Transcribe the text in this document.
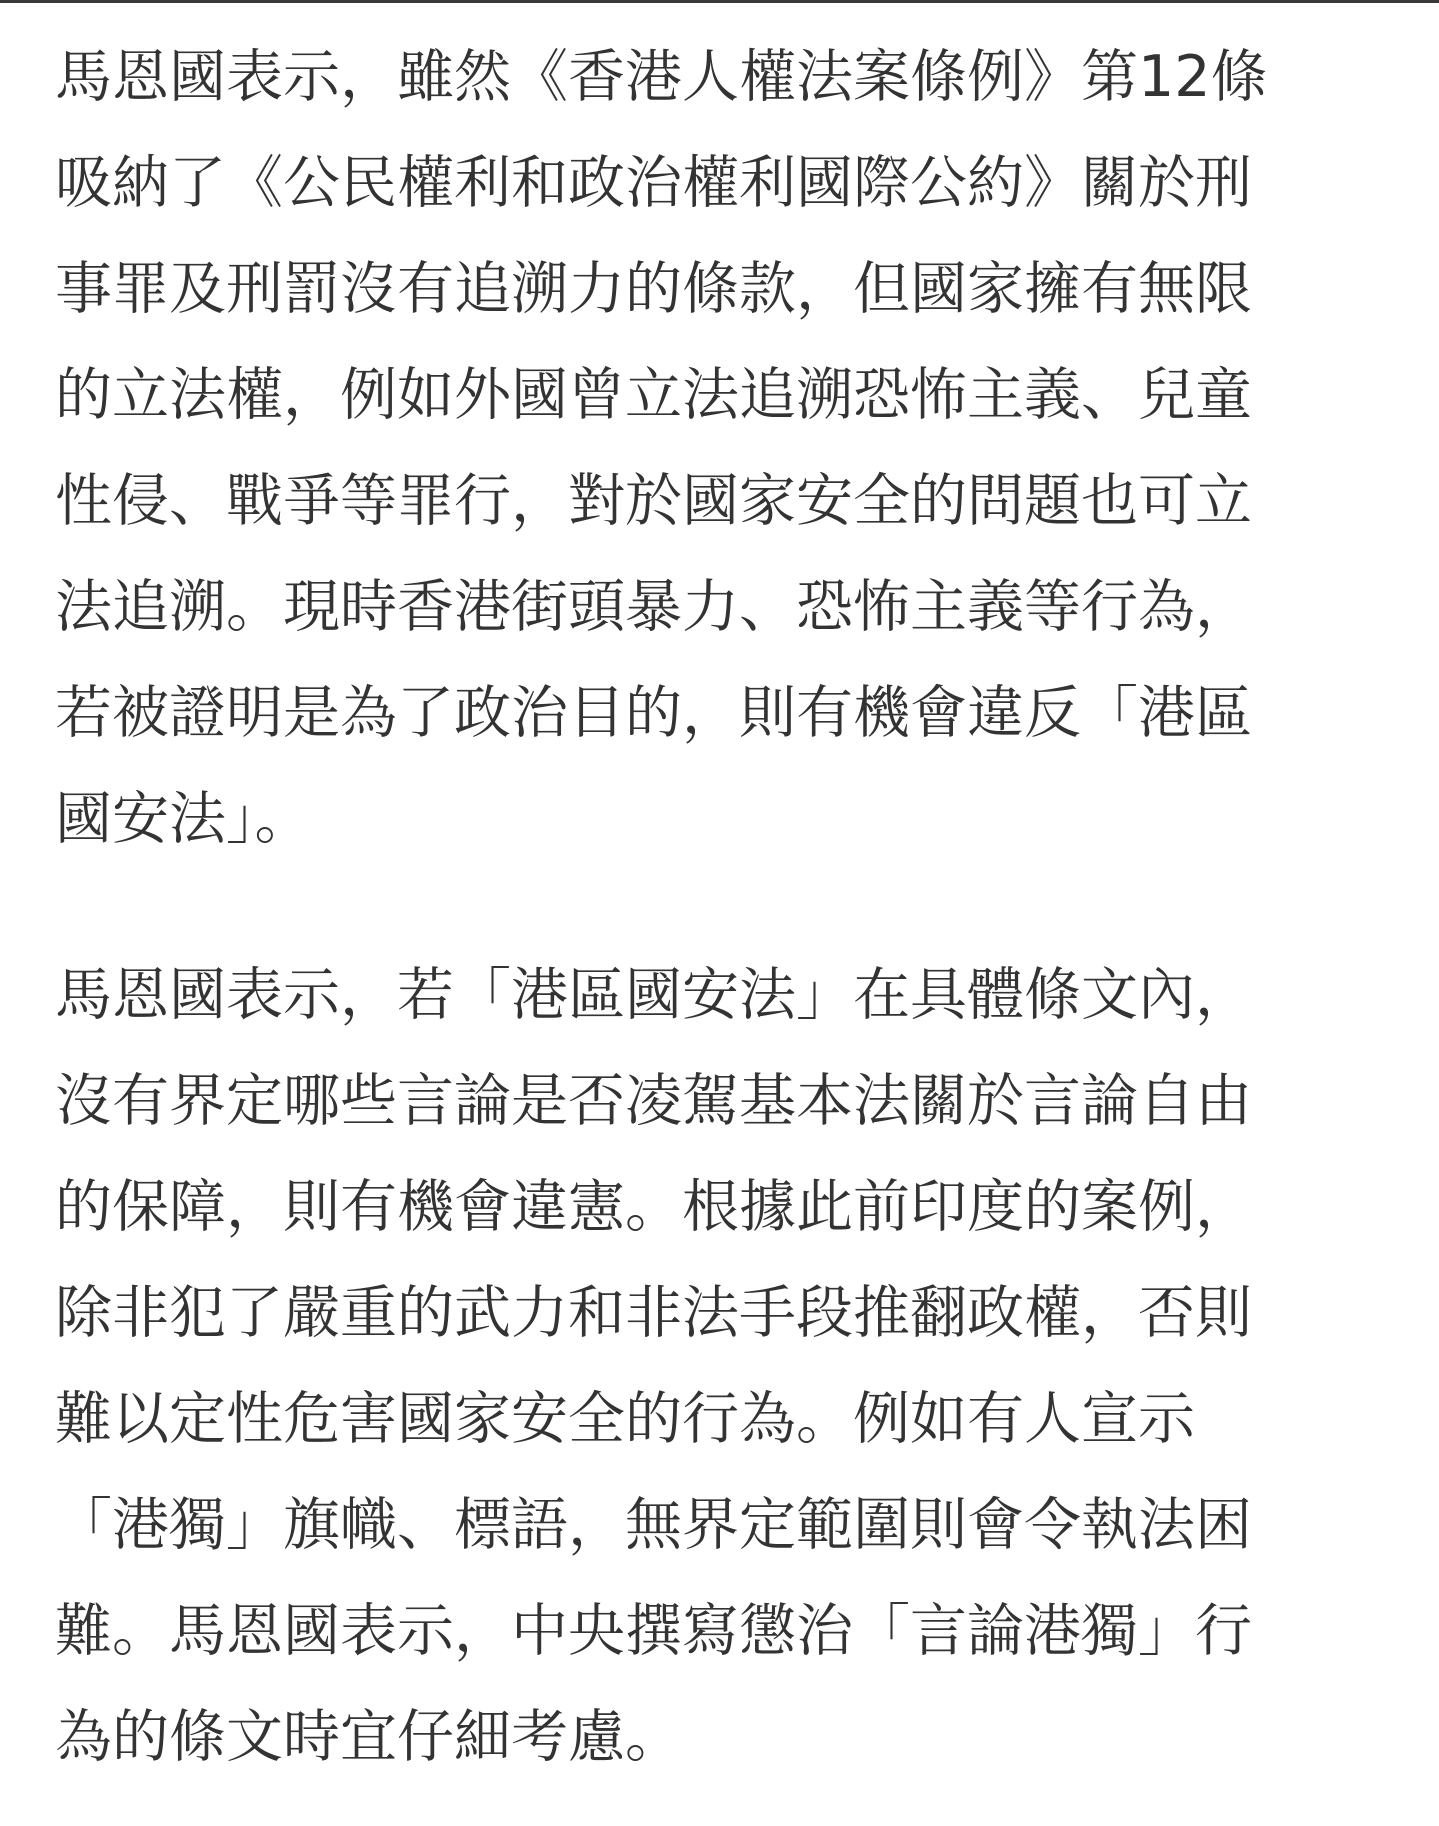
馬恩國表示，雖然《香港人權法案條例》第12條
吸納了《公民權利和政治權利國際公約》關於刑
事罪及刑罰沒有追溯力的條款，但國家擁有無限
的立法權，例如外國曾立法追溯恐怖主義、兒童
性侵、戰爭等罪行，對於國家安全的問題也可立
法追溯。現時香港街頭暴力、恐怖主義等行為，
若被證明是為了政治目的，則有機會違反「港區
國安法」。

馬恩國表示，若「港區國安法」在具體條文內，
沒有界定哪些言論是否凌駕基本法關於言論自由
的保障，則有機會違憲。根據此前印度的案例，
除非犯了嚴重的武力和非法手段推翻政權，否則
難以定性危害國家安全的行為。例如有人宣示
「港獨」旗幟、標語，無界定範圍則會令執法困
難。馬恩國表示，中央撰寫懲治「言論港獨」行
為的條文時宜仔細考慮。
